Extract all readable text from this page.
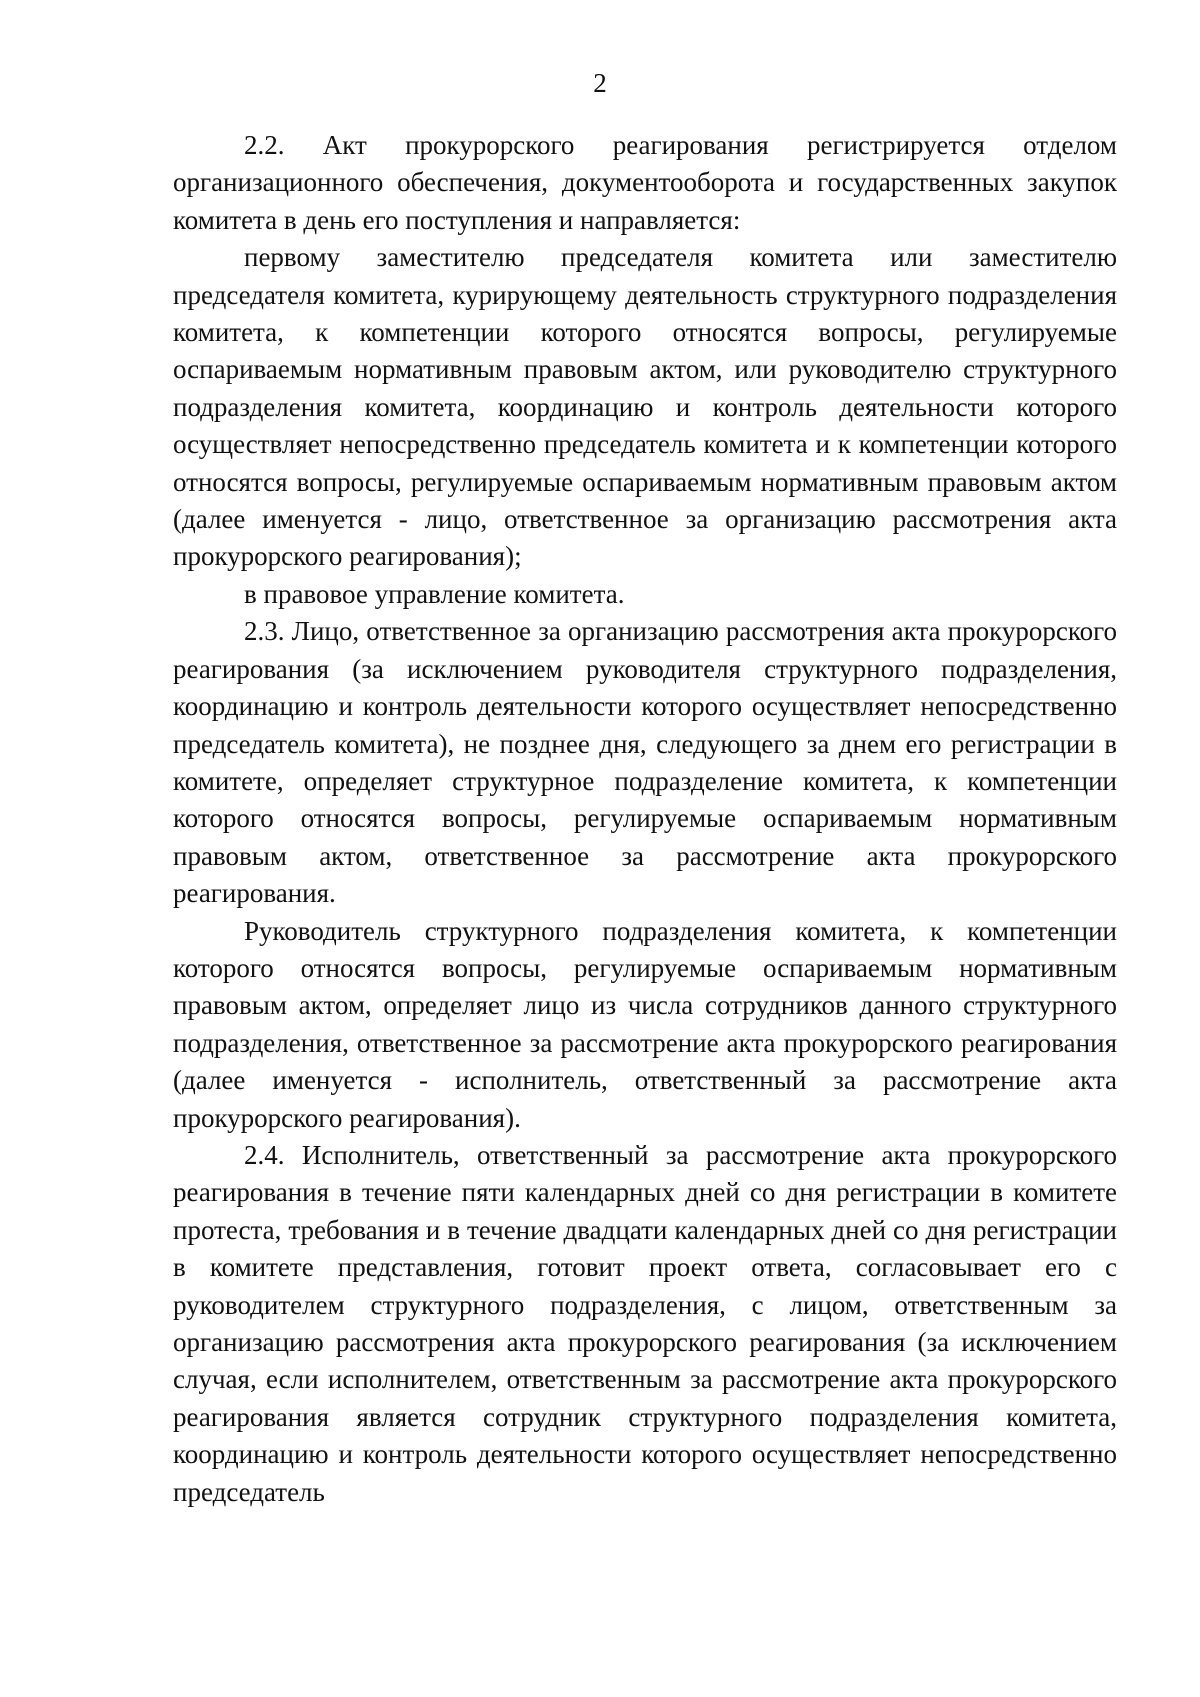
2

2.2. Акт прокурорского реагирования регистрируется отделом организационного обеспечения, документооборота и государственных закупок комитета в день его поступления и направляется:

первому заместителю председателя комитета или заместителю председателя комитета, курирующему деятельность структурного подразделения комитета, к компетенции которого относятся вопросы, регулируемые оспариваемым нормативным правовым актом, или руководителю структурного подразделения комитета, координацию и контроль деятельности которого осуществляет непосредственно председатель комитета и к компетенции которого относятся вопросы, регулируемые оспариваемым нормативным правовым актом (далее именуется - лицо, ответственное за организацию рассмотрения акта прокурорского реагирования);

в правовое управление комитета.

2.3. Лицо, ответственное за организацию рассмотрения акта прокурорского реагирования (за исключением руководителя структурного подразделения, координацию и контроль деятельности которого осуществляет непосредственно председатель комитета), не позднее дня, следующего за днем его регистрации в комитете, определяет структурное подразделение комитета, к компетенции которого относятся вопросы, регулируемые оспариваемым нормативным правовым актом, ответственное за рассмотрение акта прокурорского реагирования.

Руководитель структурного подразделения комитета, к компетенции которого относятся вопросы, регулируемые оспариваемым нормативным правовым актом, определяет лицо из числа сотрудников данного структурного подразделения, ответственное за рассмотрение акта прокурорского реагирования (далее именуется - исполнитель, ответственный за рассмотрение акта прокурорского реагирования).

2.4. Исполнитель, ответственный за рассмотрение акта прокурорского реагирования в течение пяти календарных дней со дня регистрации в комитете протеста, требования и в течение двадцати календарных дней со дня регистрации в комитете представления, готовит проект ответа, согласовывает его с руководителем структурного подразделения, с лицом, ответственным за организацию рассмотрения акта прокурорского реагирования (за исключением случая, если исполнителем, ответственным за рассмотрение акта прокурорского реагирования является сотрудник структурного подразделения комитета, координацию и контроль деятельности которого осуществляет непосредственно председатель
